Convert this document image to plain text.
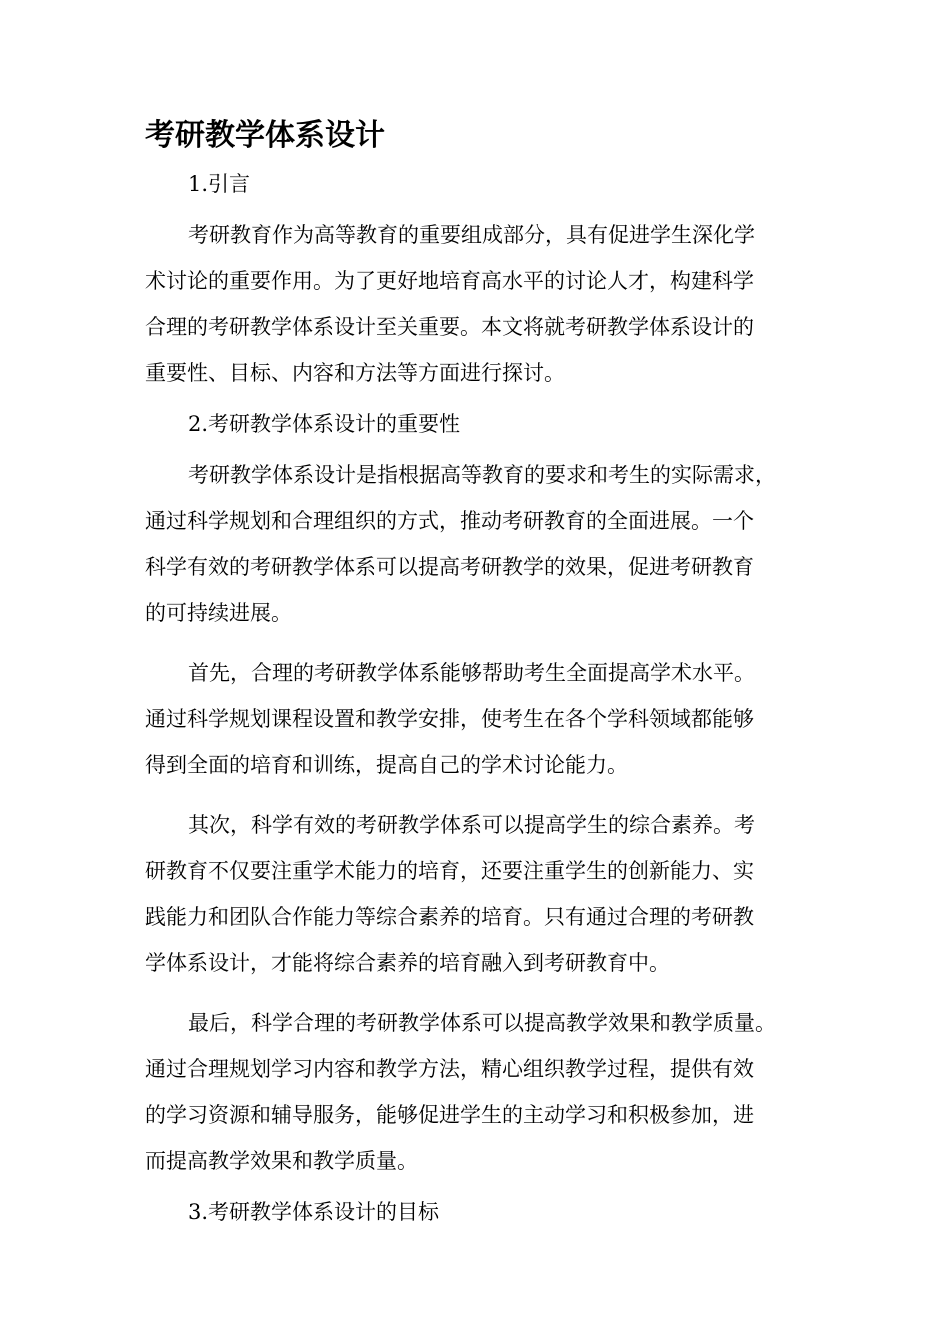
考研教学体系设计
1.引言
考研教育作为高等教育的重要组成部分，具有促进学生深化学
术讨论的重要作用。为了更好地培育高水平的讨论人才，构建科学
合理的考研教学体系设计至关重要。本文将就考研教学体系设计的
重要性、目标、内容和方法等方面进行探讨。
2.考研教学体系设计的重要性
考研教学体系设计是指根据高等教育的要求和考生的实际需求，
通过科学规划和合理组织的方式，推动考研教育的全面进展。一个
科学有效的考研教学体系可以提高考研教学的效果，促进考研教育
的可持续进展。
首先，合理的考研教学体系能够帮助考生全面提高学术水平。
通过科学规划课程设置和教学安排，使考生在各个学科领域都能够
得到全面的培育和训练，提高自己的学术讨论能力。
其次，科学有效的考研教学体系可以提高学生的综合素养。考
研教育不仅要注重学术能力的培育，还要注重学生的创新能力、实
践能力和团队合作能力等综合素养的培育。只有通过合理的考研教
学体系设计，才能将综合素养的培育融入到考研教育中。
最后，科学合理的考研教学体系可以提高教学效果和教学质量。
通过合理规划学习内容和教学方法，精心组织教学过程，提供有效
的学习资源和辅导服务，能够促进学生的主动学习和积极参加，进
而提高教学效果和教学质量。
3.考研教学体系设计的目标
